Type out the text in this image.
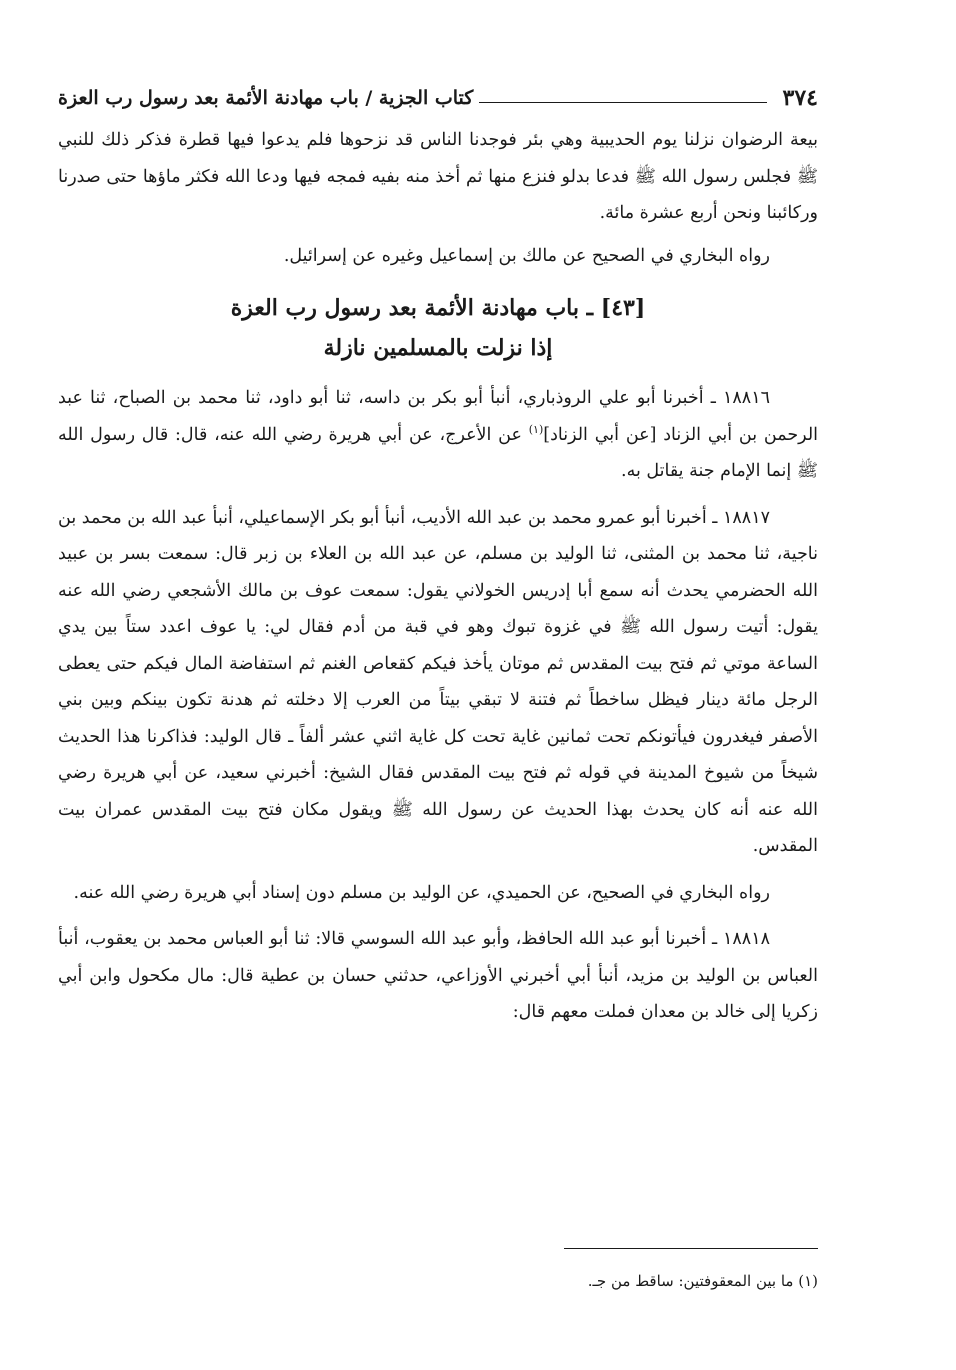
٣٧٤
كتاب الجزية / باب مهادنة الأئمة بعد رسول رب العزة

بيعة الرضوان نزلنا يوم الحديبية وهي بئر فوجدنا الناس قد نزحوها فلم يدعوا فيها قطرة فذكر ذلك للنبي ﷺ فجلس رسول الله ﷺ فدعا بدلو فنزع منها ثم أخذ منه بفيه فمجه فيها ودعا الله فكثر ماؤها حتى صدرنا وركائبنا ونحن أربع عشرة مائة.

رواه البخاري في الصحيح عن مالك بن إسماعيل وغيره عن إسرائيل.

[٤٣] ـ باب مهادنة الأئمة بعد رسول رب العزة
إذا نزلت بالمسلمين نازلة

١٨٨١٦ ـ أخبرنا أبو علي الروذباري، أنبأ أبو بكر بن داسه، ثنا أبو داود، ثنا محمد بن الصباح، ثنا عبد الرحمن بن أبي الزناد [عن أبي الزناد]$^{(١)}$ عن الأعرج، عن أبي هريرة رضي الله عنه، قال: قال رسول الله ﷺ إنما الإمام جنة يقاتل به.

١٨٨١٧ ـ أخبرنا أبو عمرو محمد بن عبد الله الأديب، أنبأ أبو بكر الإسماعيلي، أنبأ عبد الله بن محمد بن ناجية، ثنا محمد بن المثنى، ثنا الوليد بن مسلم، عن عبد الله بن العلاء بن زبر قال: سمعت بسر بن عبيد الله الحضرمي يحدث أنه سمع أبا إدريس الخولاني يقول: سمعت عوف بن مالك الأشجعي رضي الله عنه يقول: أتيت رسول الله ﷺ في غزوة تبوك وهو في قبة من أدم فقال لي: يا عوف اعدد ستاً بين يدي الساعة موتي ثم فتح بيت المقدس ثم موتان يأخذ فيكم كقعاص الغنم ثم استفاضة المال فيكم حتى يعطى الرجل مائة دينار فيظل ساخطاً ثم فتنة لا تبقي بيتاً من العرب إلا دخلته ثم هدنة تكون بينكم وبين بني الأصفر فيغدرون فيأتونكم تحت ثمانين غاية تحت كل غاية اثني عشر ألفاً ـ قال الوليد: فذاكرنا هذا الحديث شيخاً من شيوخ المدينة في قوله ثم فتح بيت المقدس فقال الشيخ: أخبرني سعيد، عن أبي هريرة رضي الله عنه أنه كان يحدث بهذا الحديث عن رسول الله ﷺ ويقول مكان فتح بيت المقدس عمران بيت المقدس.

رواه البخاري في الصحيح، عن الحميدي، عن الوليد بن مسلم دون إسناد أبي هريرة رضي الله عنه.

١٨٨١٨ ـ أخبرنا أبو عبد الله الحافظ، وأبو عبد الله السوسي قالا: ثنا أبو العباس محمد بن يعقوب، أنبأ العباس بن الوليد بن مزيد، أنبأ أبي أخبرني الأوزاعي، حدثني حسان بن عطية قال: مال مكحول وابن أبي زكريا إلى خالد بن معدان فملت معهم قال:

(١) ما بين المعقوفتين: ساقط من جـ.
